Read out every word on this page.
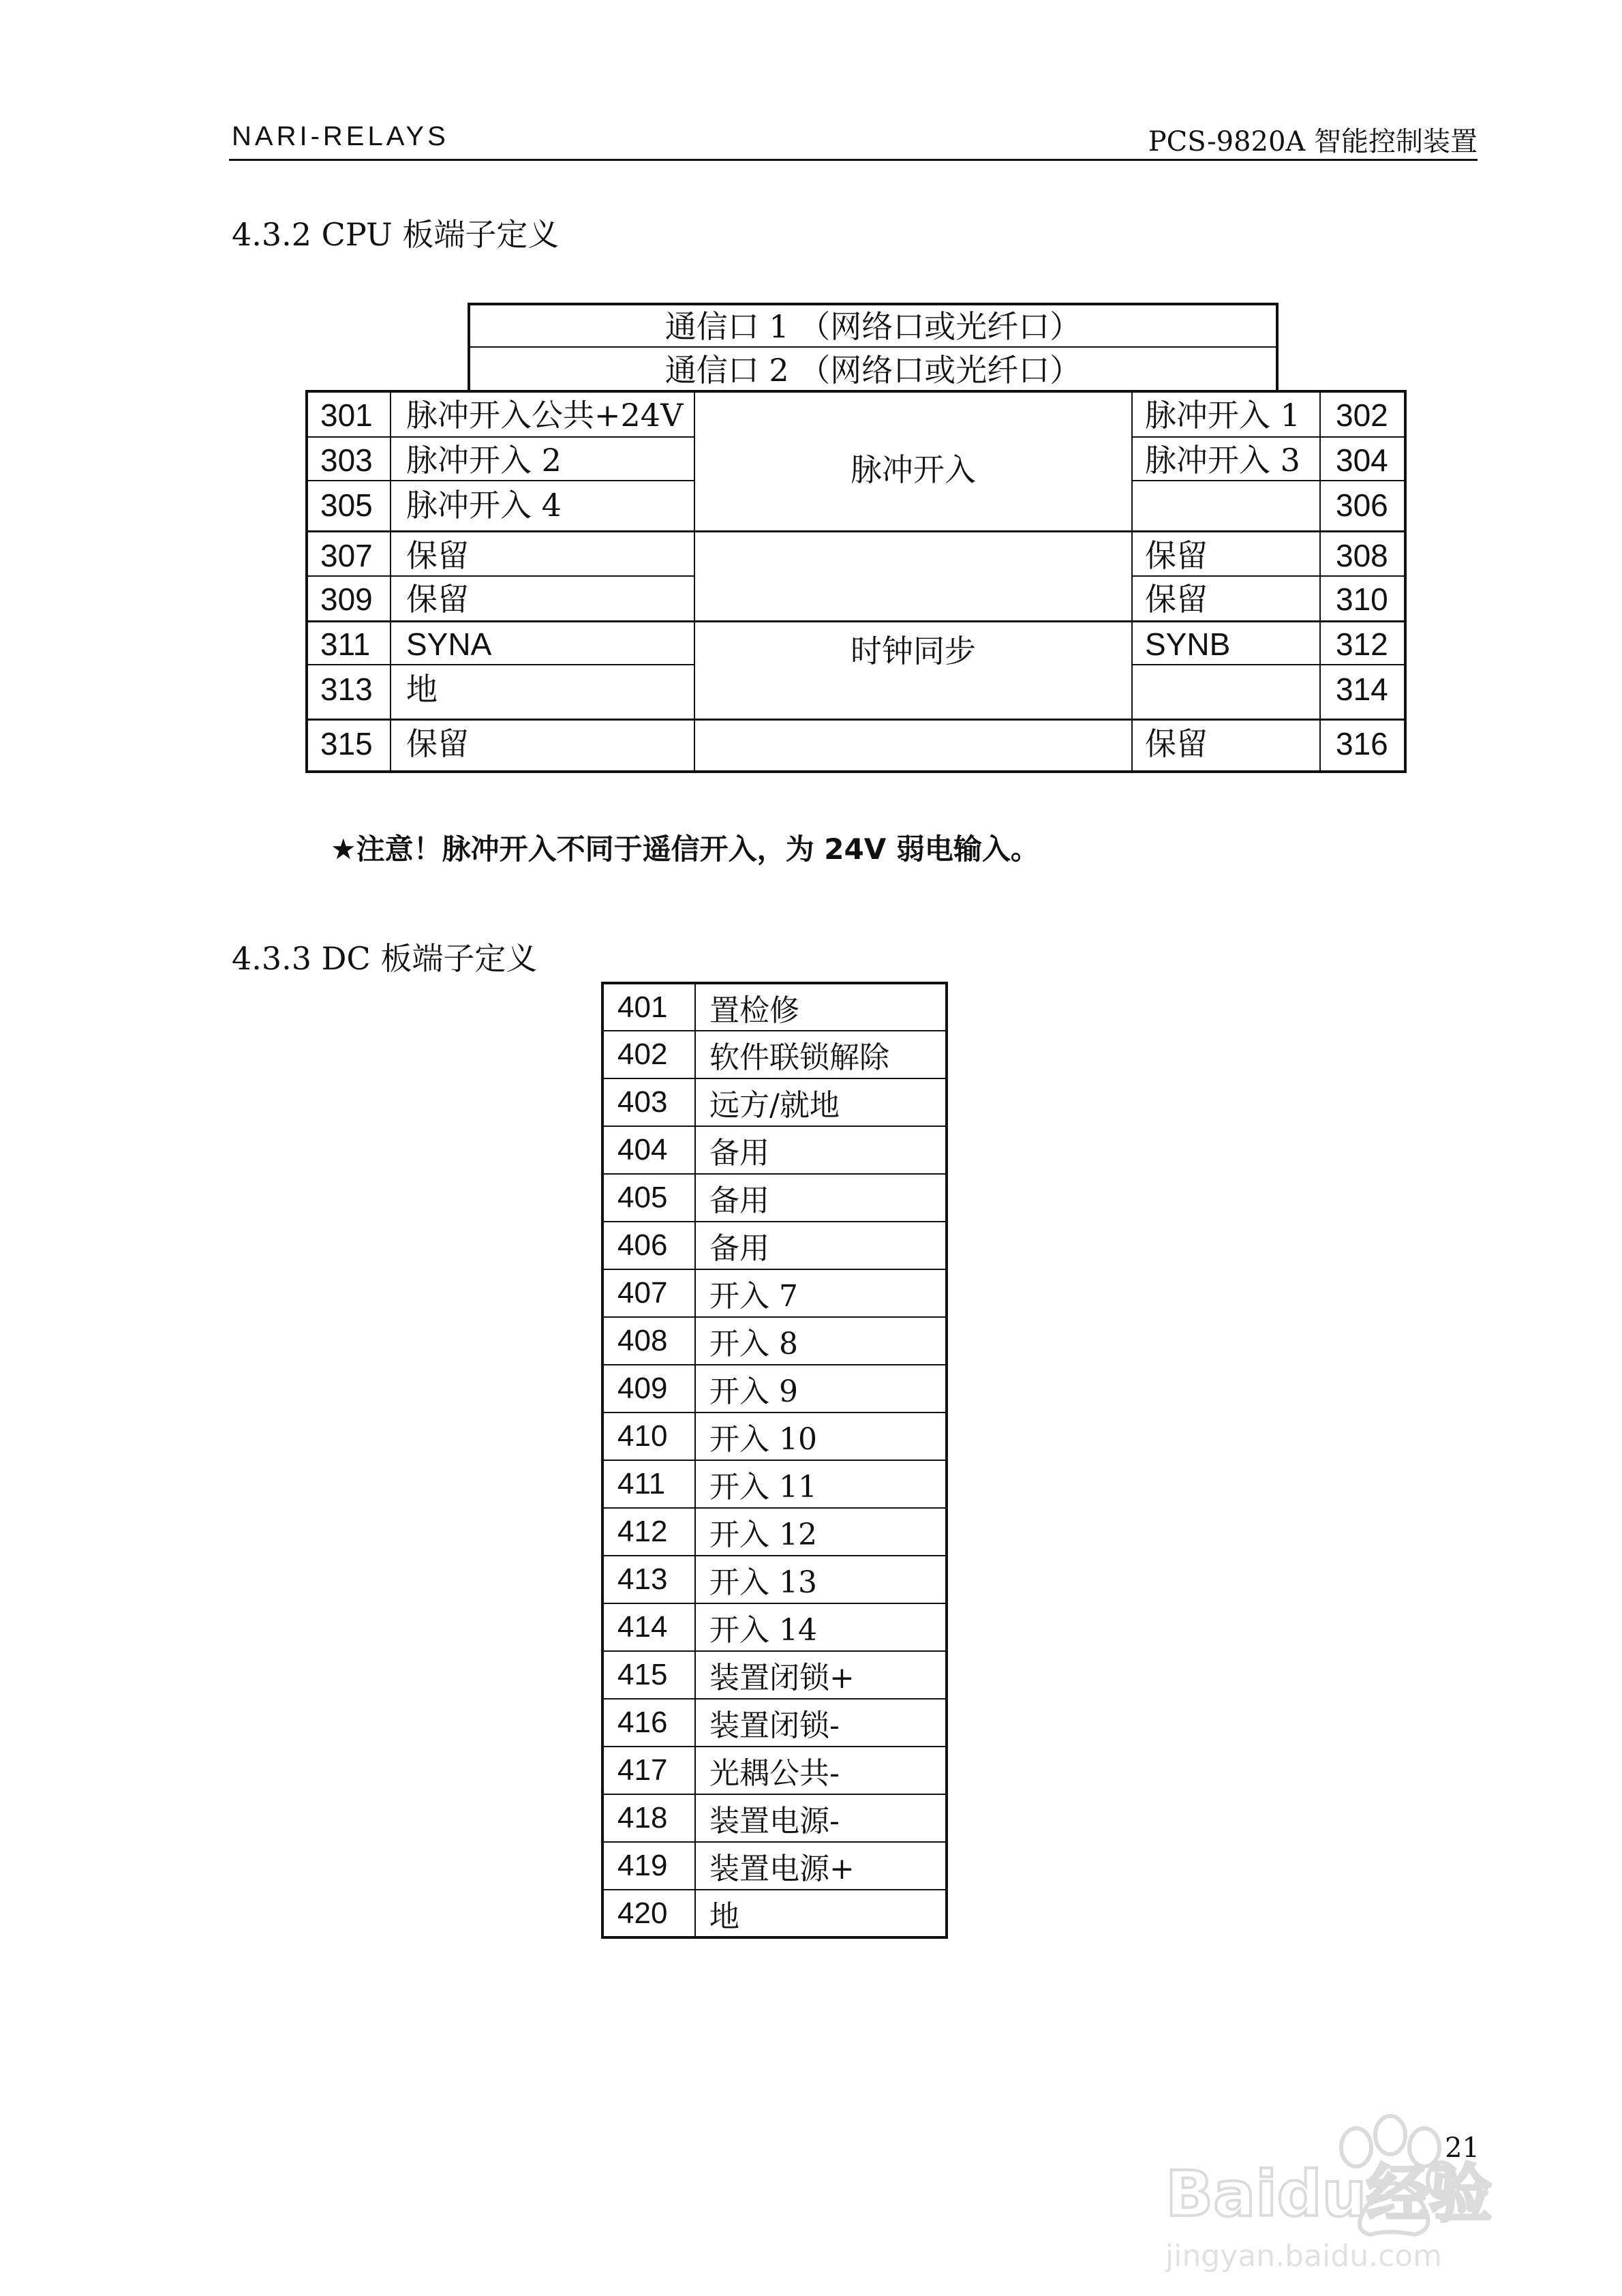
NARI-RELAYS	PCS-9820A 智能控制装置
4.3.2 CPU 板端子定义
通信口 1 （网络口或光纤口）
通信口 2 （网络口或光纤口）
脉冲开入
时钟同步
301 脉冲开入公共+24V	脉冲开入 1 302
303 脉冲开入 2	脉冲开入 3 304
305 脉冲开入 4	306
307 保留	保留	308
309 保留	保留	310
311 SYNA	SYNB	312
313 地	314
315 保留	保留	316
★注意！脉冲开入不同于遥信开入，为 24V 弱电输入。
4.3.3 DC 板端子定义
401	置检修
402	软件联锁解除
403	远方/就地
404	备用
405	备用
406	备用
407	开入 7
408	开入 8
409	开入 9
410	开入 10
411	开入 11
412	开入 12
413	开入 13
414	开入 14
415	装置闭锁+
416	装置闭锁-
417	光耦公共-
418	装置电源-
419	装置电源+
420	地
21
Baidu经验
jingyan.baidu.com
